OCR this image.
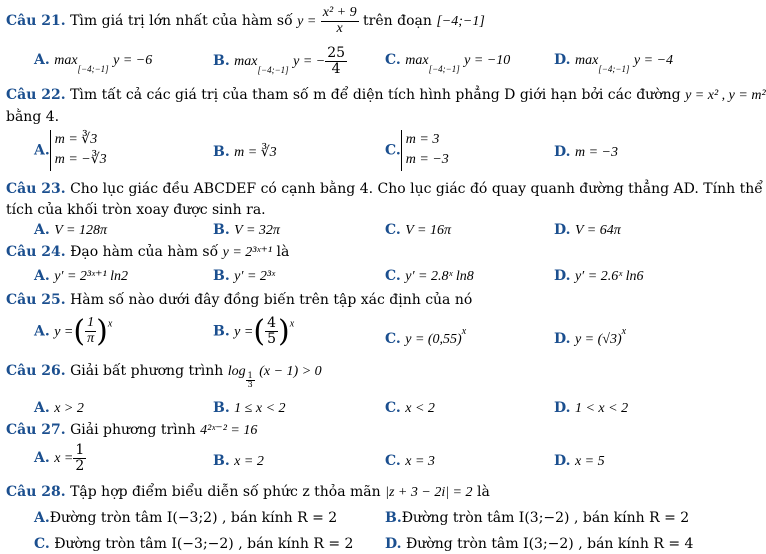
Câu 21. Tìm giá trị lớn nhất của hàm số $y = \frac{\text{x² + 9}}{x}$ trên đoạn [−4;−1]
A. max[−4;−1] y = −6	B. max[−4;−1] y = − $\frac{25}{4}$	C. max[−4;−1] y = −10	D. max[−4;−1] y = −4
Câu 22. Tìm tất cả các giá trị của tham số m để diện tích hình phẳng D giới hạn bởi các đường y = x² , y = m²
bằng 4.
A.
m = ∛3
m = −∛3	B. m = ∛3	C.
m = 3
m = −3	D. m = −3
Câu 23. Cho lục giác đều ABCDEF có cạnh bằng 4. Cho lục giác đó quay quanh đường thẳng AD. Tính thể
tích của khối tròn xoay được sinh ra.
A. V = 128π	B. V = 32π	C. V = 16π	D. V = 64π
Câu 24. Đạo hàm của hàm số y = 2³ˣ⁺¹ là
A. y′ = 2³ˣ⁺¹ ln2	B. y′ = 2³ˣ	C. y′ = 2.8ˣ ln8	D. y′ = 2.6ˣ ln6
Câu 25. Hàm số nào dưới đây đồng biến trên tập xác định của nó
A. y =( $\frac{1}{\pi} )^x$	B. y =( $\frac{4}{5} )^x$
C. $y = (0,55)^x$	D. $y = (√3)^x$
Câu 26. Giải bất phương trình log
$\frac{1}{3}$
(x − 1) > 0
A. x > 2	B. 1 ≤ x < 2	C. x < 2	D. 1 < x < 2
Câu 27. Giải phương trình 4²ˣ⁻² = 16
A. $x = \frac{1}{2}$	B. x = 2	C. x = 3	D. x = 5
Câu 28. Tập hợp điểm biểu diễn số phức z thỏa mãn |z + 3 − 2i| = 2 là
A.Đường tròn tâm I(−3;2) , bán kính R = 2	B.Đường tròn tâm I(3;−2) , bán kính R = 2
C. Đường tròn tâm I(−3;−2) , bán kính R = 2 D. Đường tròn tâm I(3;−2) , bán kính R = 4
